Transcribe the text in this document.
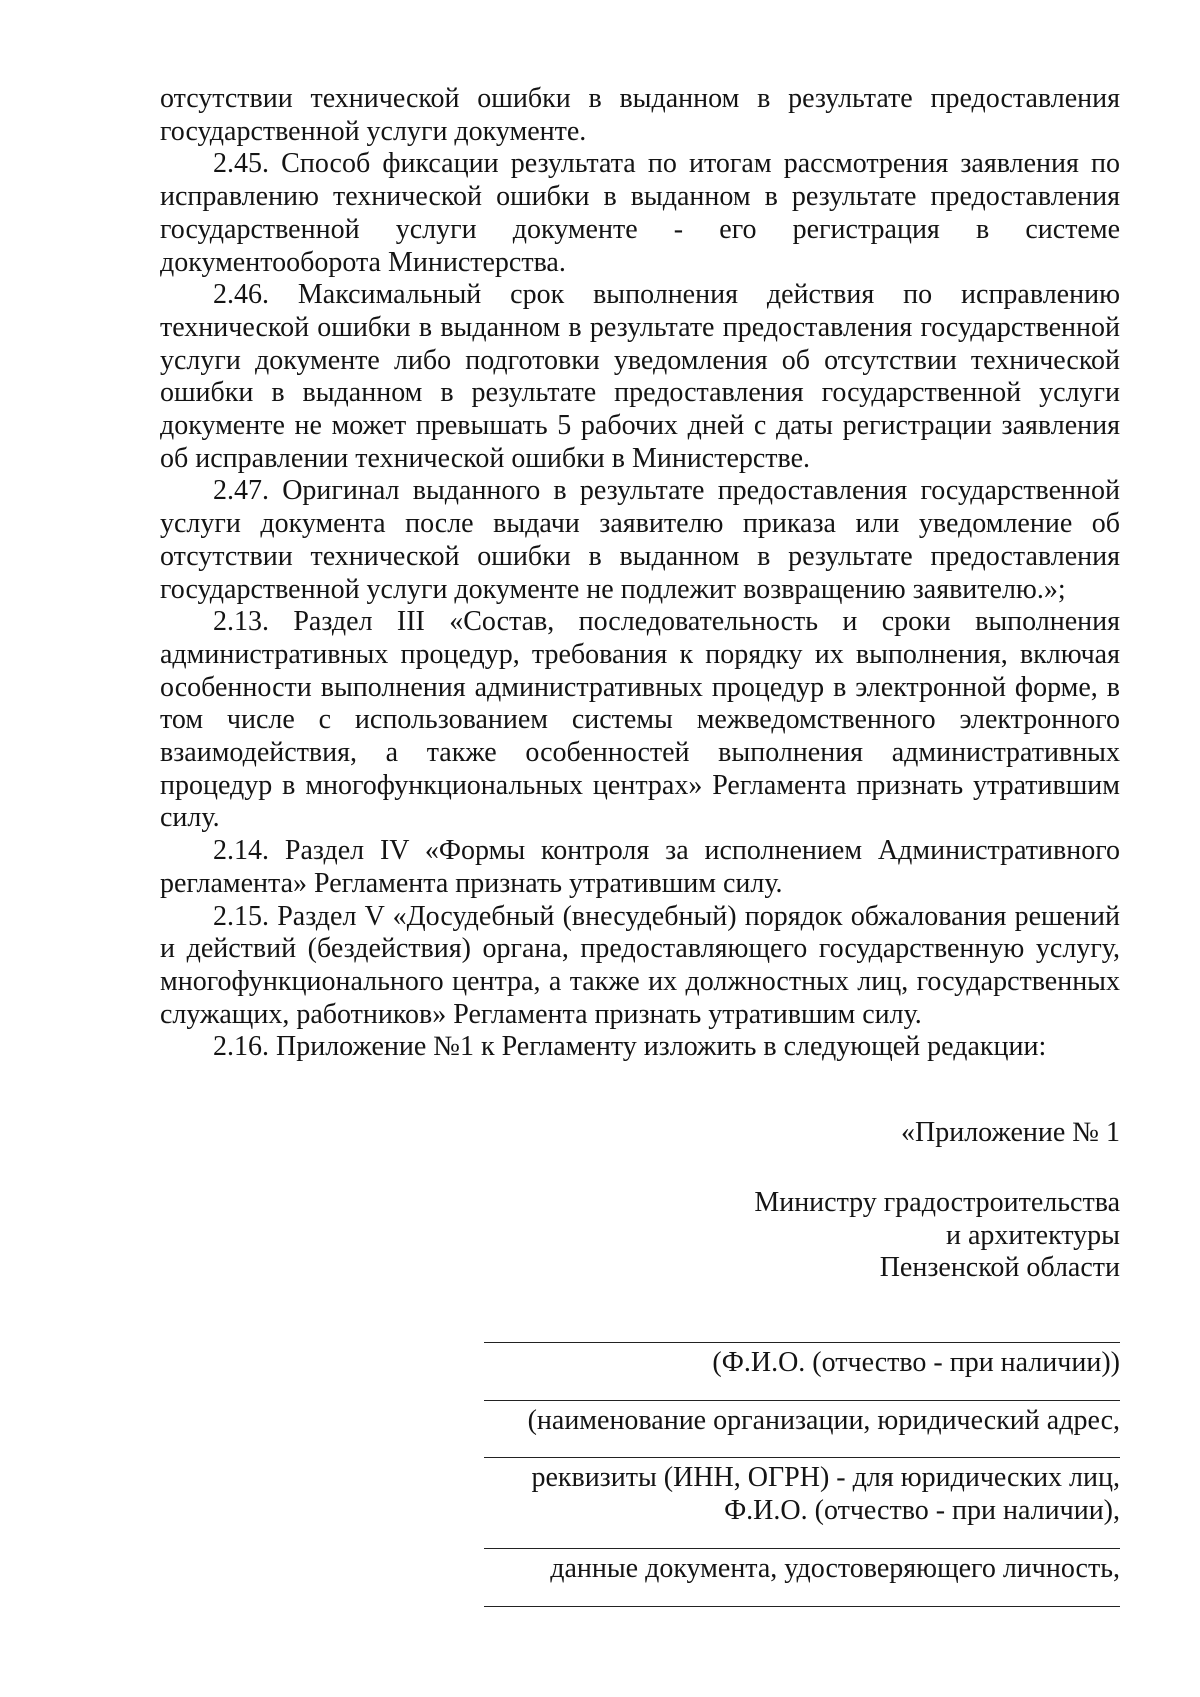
отсутствии технической ошибки в выданном в результате предоставления государственной услуги документе.

2.45. Способ фиксации результата по итогам рассмотрения заявления по исправлению технической ошибки в выданном в результате предоставления государственной услуги документе - его регистрация в системе документооборота Министерства.

2.46. Максимальный срок выполнения действия по исправлению технической ошибки в выданном в результате предоставления государственной услуги документе либо подготовки уведомления об отсутствии технической ошибки в выданном в результате предоставления государственной услуги документе не может превышать 5 рабочих дней с даты регистрации заявления об исправлении технической ошибки в Министерстве.

2.47. Оригинал выданного в результате предоставления государственной услуги документа после выдачи заявителю приказа или уведомление об отсутствии технической ошибки в выданном в результате предоставления государственной услуги документе не подлежит возвращению заявителю.»;

2.13. Раздел III «Состав, последовательность и сроки выполнения административных процедур, требования к порядку их выполнения, включая особенности выполнения административных процедур в электронной форме, в том числе с использованием системы межведомственного электронного взаимодействия, а также особенностей выполнения административных процедур в многофункциональных центрах» Регламента признать утратившим силу.

2.14. Раздел IV «Формы контроля за исполнением Административного регламента» Регламента признать утратившим силу.

2.15. Раздел V «Досудебный (внесудебный) порядок обжалования решений и действий (бездействия) органа, предоставляющего государственную услугу, многофункционального центра, а также их должностных лиц, государственных служащих, работников» Регламента признать утратившим силу.

2.16. Приложение №1 к Регламенту изложить в следующей редакции:

«Приложение № 1
Министру градостроительства
и архитектуры
Пензенской области
(Ф.И.О. (отчество - при наличии))
(наименование организации, юридический адрес,
реквизиты (ИНН, ОГРН) - для юридических лиц,
Ф.И.О. (отчество - при наличии),
данные документа, удостоверяющего личность,
